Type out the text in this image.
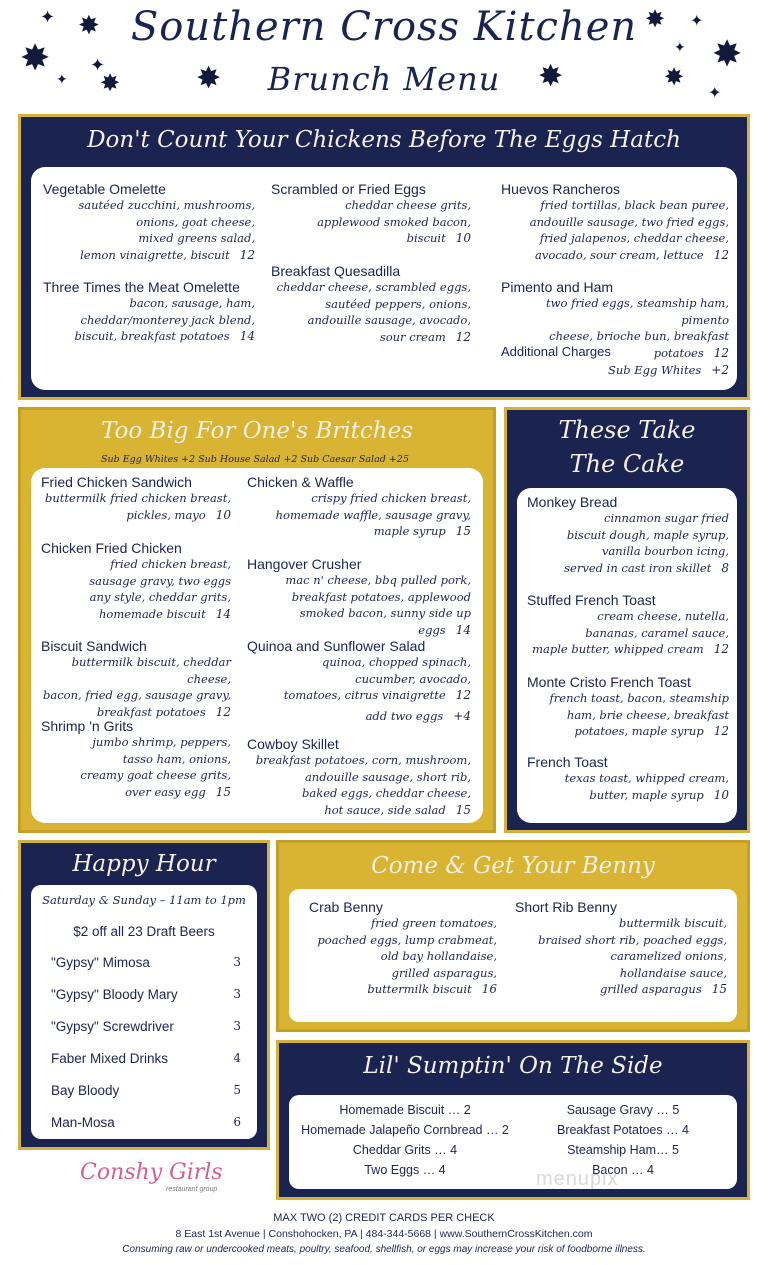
Southern Cross Kitchen
Brunch Menu
✦ ✸
✸ ✦
✦ ✸	✸	✸
✸ ✦
✸
✦
✸
✦
Don't Count Your Chickens Before The Eggs Hatch
Vegetable Omelette
sautéed zucchini, mushrooms,
onions, goat cheese,
mixed greens salad,
lemon vinaigrette, biscuit 12
Three Times the Meat Omelette
bacon, sausage, ham,
cheddar/monterey jack blend,
biscuit, breakfast potatoes 14
Scrambled or Fried Eggs
cheddar cheese grits,
applewood smoked bacon,
biscuit 10
Breakfast Quesadilla
cheddar cheese, scrambled eggs,
sautéed peppers, onions,
andouille sausage, avocado,
sour cream 12
Huevos Rancheros
fried tortillas, black bean puree,
andouille sausage, two fried eggs,
fried jalapenos, cheddar cheese,
avocado, sour cream, lettuce 12
Pimento and Ham
two fried eggs, steamship ham, pimento
cheese, brioche bun, breakfast potatoes 12
Additional Charges
Sub Egg Whites +2
Too Big For One's Britches
Sub Egg Whites +2 Sub House Salad +2 Sub Caesar Salad +25
Fried Chicken Sandwich
buttermilk fried chicken breast,
pickles, mayo 10
Chicken Fried Chicken
fried chicken breast,
sausage gravy, two eggs
any style, cheddar grits,
homemade biscuit 14
Biscuit Sandwich
buttermilk biscuit, cheddar cheese,
bacon, fried egg, sausage gravy,
breakfast potatoes 12
Shrimp 'n Grits
jumbo shrimp, peppers,
tasso ham, onions,
creamy goat cheese grits,
over easy egg 15
Chicken & Waffle
crispy fried chicken breast,
homemade waffle, sausage gravy,
maple syrup 15
Hangover Crusher
mac n' cheese, bbq pulled pork,
breakfast potatoes, applewood
smoked bacon, sunny side up eggs 14
Quinoa and Sunflower Salad
quinoa, chopped spinach,
cucumber, avocado,
tomatoes, citrus vinaigrette 12
Cowboy Skillet
breakfast potatoes, corn, mushroom,
andouille sausage, short rib,
baked eggs, cheddar cheese,
hot sauce, side salad 15
add two eggs +4
These Take
The Cake
Monkey Bread
cinnamon sugar fried
biscuit dough, maple syrup,
vanilla bourbon icing,
served in cast iron skillet 8
Stuffed French Toast
cream cheese, nutella,
bananas, caramel sauce,
maple butter, whipped cream 12
Monte Cristo French Toast
french toast, bacon, steamship
ham, brie cheese, breakfast
potatoes, maple syrup 12
French Toast
texas toast, whipped cream,
butter, maple syrup 10
Happy Hour
Saturday & Sunday – 11am to 1pm
$2 off all 23 Draft Beers
"Gypsy" Mimosa	3
"Gypsy" Bloody Mary	3
"Gypsy" Screwdriver	3
Faber Mixed Drinks	4
Bay Bloody	5
Man-Mosa	6
Come & Get Your Benny
Crab Benny
fried green tomatoes,
poached eggs, lump crabmeat,
old bay hollandaise,
grilled asparagus,
buttermilk biscuit 16
Short Rib Benny
buttermilk biscuit,
braised short rib, poached eggs,
caramelized onions,
hollandaise sauce,
grilled asparagus 15
Lil' Sumptin' On The Side
Homemade Biscuit … 2
Homemade Jalapeño Cornbread … 2
Cheddar Grits … 4
Two Eggs … 4
Sausage Gravy … 5
Breakfast Potatoes … 4
Steamship Ham… 5
Bacon … 4
Conshy Girls
restaurant group	menupix
MAX TWO (2) CREDIT CARDS PER CHECK
8 East 1st Avenue | Conshohocken, PA | 484-344-5668 | www.SouthernCrossKitchen.com
Consuming raw or undercooked meats, poultry, seafood, shellfish, or eggs may increase your risk of foodborne illness.
